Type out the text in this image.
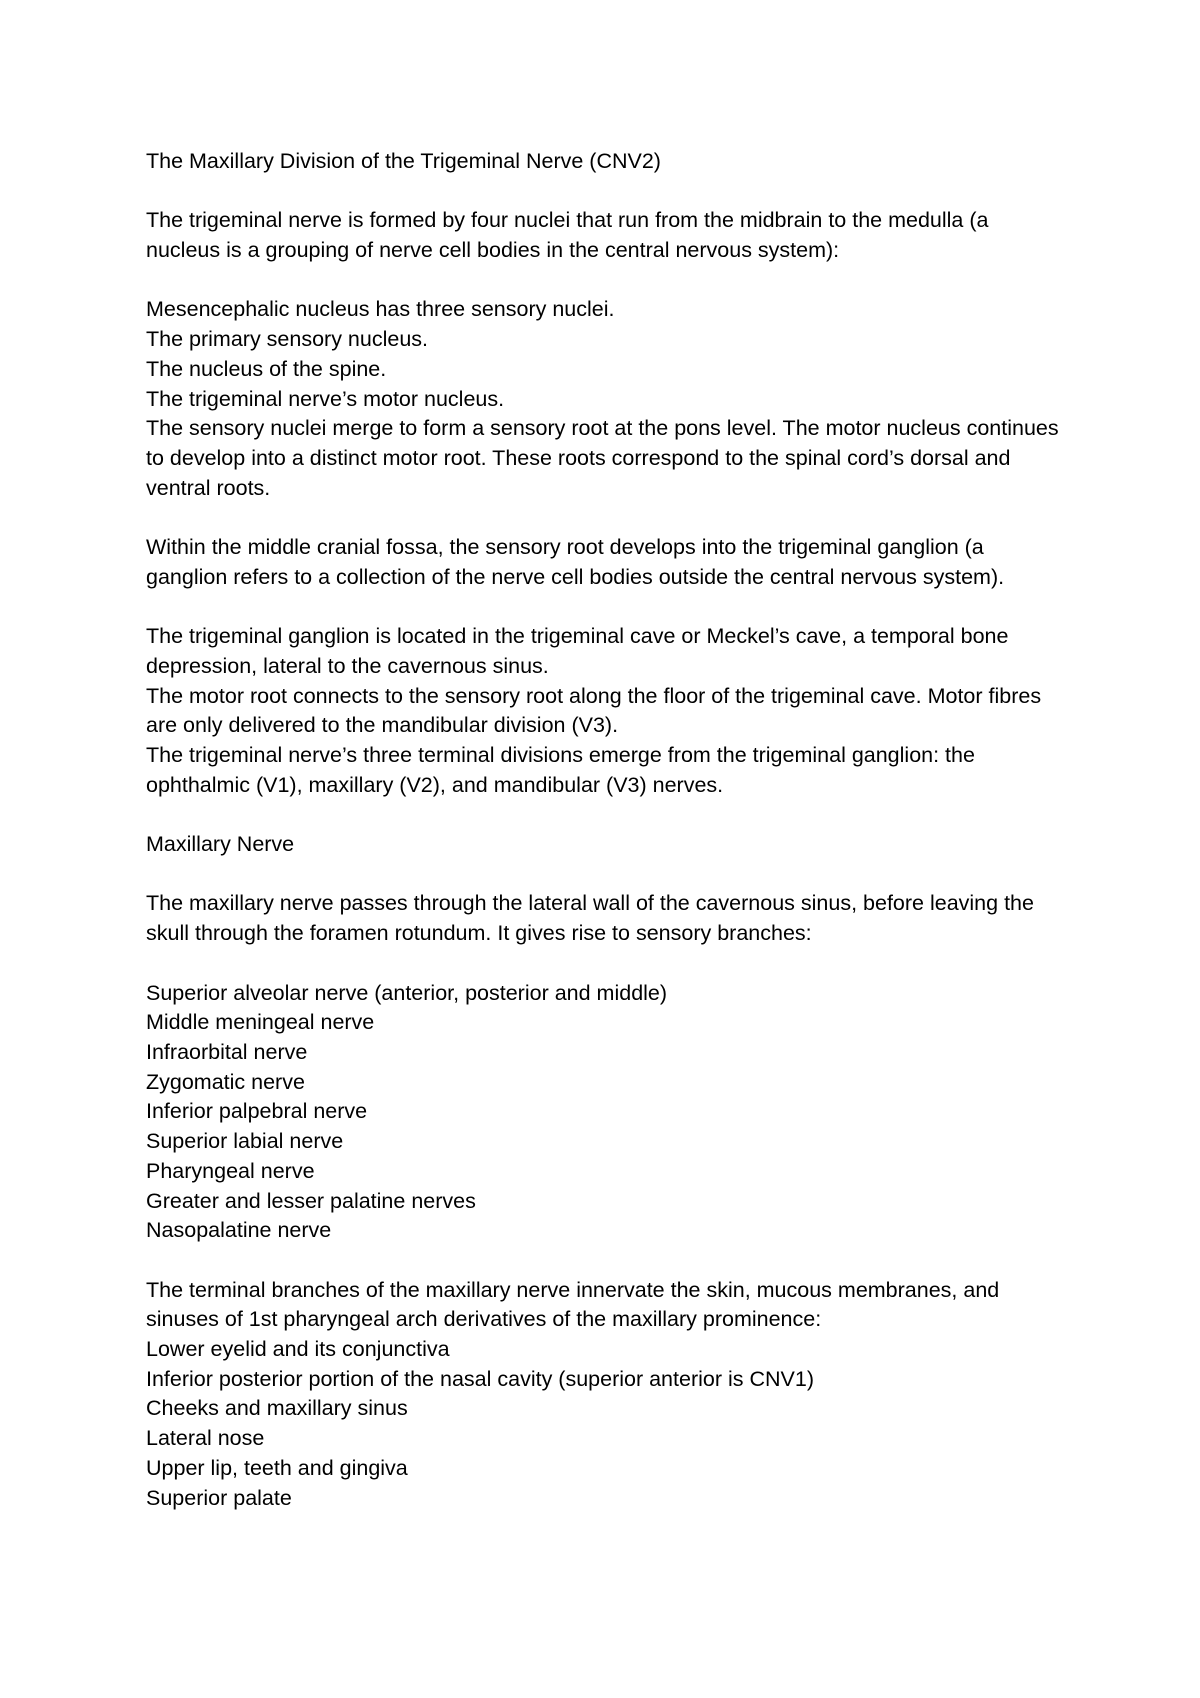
The Maxillary Division of the Trigeminal Nerve (CNV2)

The trigeminal nerve is formed by four nuclei that run from the midbrain to the medulla (a nucleus is a grouping of nerve cell bodies in the central nervous system):

Mesencephalic nucleus has three sensory nuclei.

The primary sensory nucleus.

The nucleus of the spine.

The trigeminal nerve’s motor nucleus.

The sensory nuclei merge to form a sensory root at the pons level. The motor nucleus continues to develop into a distinct motor root. These roots correspond to the spinal cord’s dorsal and ventral roots.

Within the middle cranial fossa, the sensory root develops into the trigeminal ganglion (a ganglion refers to a collection of the nerve cell bodies outside the central nervous system).

The trigeminal ganglion is located in the trigeminal cave or Meckel’s cave, a temporal bone depression, lateral to the cavernous sinus.

The motor root connects to the sensory root along the floor of the trigeminal cave. Motor fibres are only delivered to the mandibular division (V3).

The trigeminal nerve’s three terminal divisions emerge from the trigeminal ganglion: the ophthalmic (V1), maxillary (V2), and mandibular (V3) nerves.

Maxillary Nerve

The maxillary nerve passes through the lateral wall of the cavernous sinus, before leaving the skull through the foramen rotundum. It gives rise to sensory branches:

Superior alveolar nerve (anterior, posterior and middle)

Middle meningeal nerve

Infraorbital nerve

Zygomatic nerve

Inferior palpebral nerve

Superior labial nerve

Pharyngeal nerve

Greater and lesser palatine nerves

Nasopalatine nerve

The terminal branches of the maxillary nerve innervate the skin, mucous membranes, and sinuses of 1st pharyngeal arch derivatives of the maxillary prominence:

Lower eyelid and its conjunctiva

Inferior posterior portion of the nasal cavity (superior anterior is CNV1)

Cheeks and maxillary sinus

Lateral nose

Upper lip, teeth and gingiva

Superior palate
